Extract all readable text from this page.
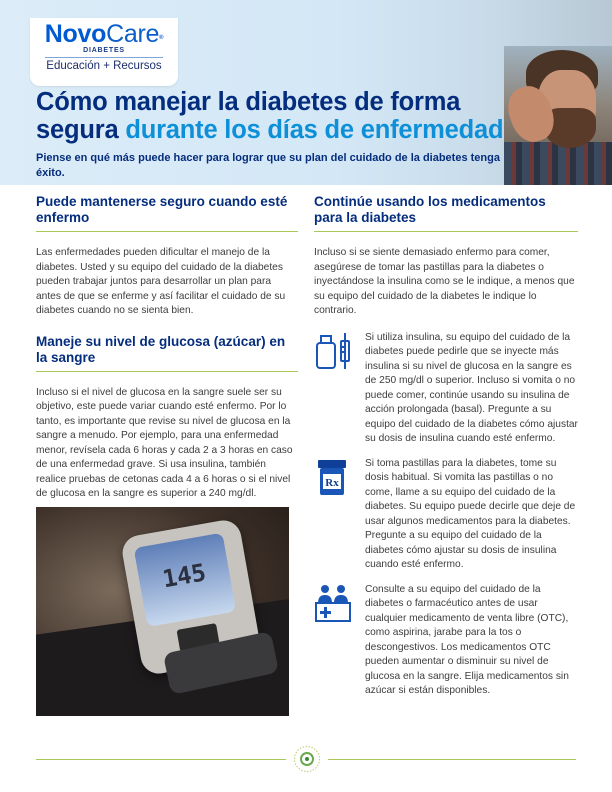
NovoCare®
DIABETES
Educación + Recursos
Cómo manejar la diabetes de forma segura durante los días de enfermedad
Piense en qué más puede hacer para lograr que su plan del cuidado de la diabetes tenga éxito.
Puede mantenerse seguro cuando esté enfermo
Las enfermedades pueden dificultar el manejo de la diabetes. Usted y su equipo del cuidado de la diabetes pueden trabajar juntos para desarrollar un plan para antes de que se enferme y así facilitar el cuidado de su diabetes cuando no se sienta bien.
Maneje su nivel de glucosa (azúcar) en la sangre
Incluso si el nivel de glucosa en la sangre suele ser su objetivo, este puede variar cuando esté enfermo. Por lo tanto, es importante que revise su nivel de glucosa en la sangre a menudo. Por ejemplo, para una enfermedad menor, revísela cada 6 horas y cada 2 a 3 horas en caso de una enfermedad grave. Si usa insulina, también realice pruebas de cetonas cada 4 a 6 horas o si el nivel de glucosa en la sangre es superior a 240 mg/dl.
145
Continúe usando los medicamentos para la diabetes
Incluso si se siente demasiado enfermo para comer, asegúrese de tomar las pastillas para la diabetes o inyectándose la insulina como se le indique, a menos que su equipo del cuidado de la diabetes le indique lo contrario.
Si utiliza insulina, su equipo del cuidado de la diabetes puede pedirle que se inyecte más insulina si su nivel de glucosa en la sangre es de 250 mg/dl o superior. Incluso si vomita o no puede comer, continúe usando su insulina de acción prolongada (basal). Pregunte a su equipo del cuidado de la diabetes cómo ajustar su dosis de insulina cuando esté enfermo.
Rx
Si toma pastillas para la diabetes, tome su dosis habitual. Si vomita las pastillas o no come, llame a su equipo del cuidado de la diabetes. Su equipo puede decirle que deje de usar algunos medicamentos para la diabetes. Pregunte a su equipo del cuidado de la diabetes cómo ajustar su dosis de insulina cuando esté enfermo.
Consulte a su equipo del cuidado de la diabetes o farmacéutico antes de usar cualquier medicamento de venta libre (OTC), como aspirina, jarabe para la tos o descongestivos. Los medicamentos OTC pueden aumentar o disminuir su nivel de glucosa en la sangre. Elija medicamentos sin azúcar si están disponibles.
